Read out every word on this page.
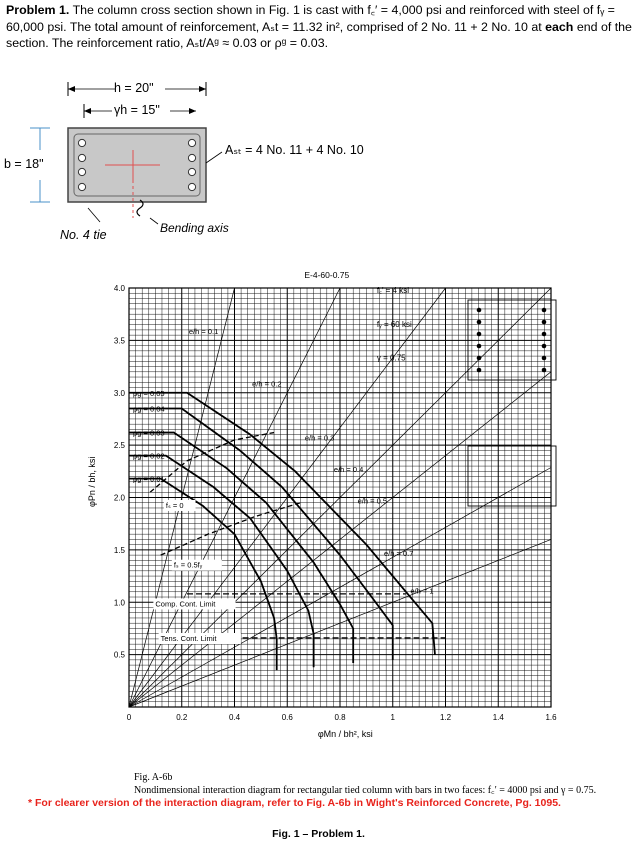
Problem 1. The column cross section shown in Fig. 1 is cast with f꜀′ = 4,000 psi and reinforced with steel of fᵧ = 60,000 psi. The total amount of reinforcement, Aₛt = 11.32 in², comprised of 2 No. 11 + 2 No. 10 at each end of the section. The reinforcement ratio, Aₛt/Aᵍ ≈ 0.03 or ρᵍ = 0.03.
h = 20"
γh = 15"
b = 18"
Aₛₜ = 4 No. 11 + 4 No. 10
No. 4 tie	Bending axis
0	0.2	0.4	0.6	0.8	1	1.2	1.4	1.6
0.5
1.0
1.5
2.0
2.5
3.0
3.5
4.0
E-4-60-0.75
φMn / bh², ksi
φPn / bh, ksi
e/h = 0.1
e/h = 0.2
e/h = 0.3
e/h = 0.4
e/h = 0.5
e/h = 0.7
e/h = 1
ρg = 0.05
ρg = 0.04
ρg = 0.03
ρg = 0.02
ρg = 0.01
fₛ = 0
fₛ = 0.5fᵧ
Comp. Cont. Limit
Tens. Cont. Limit
f꜀′ = 4 ksi
fᵧ = 60 ksi
γ = 0.75
Fig. A-6b
Nondimensional interaction diagram for rectangular tied column with bars in two faces: f꜀′ = 4000 psi and γ = 0.75.
* For clearer version of the interaction diagram, refer to Fig. A-6b in Wight's Reinforced Concrete, Pg. 1095.
Fig. 1 – Problem 1.
